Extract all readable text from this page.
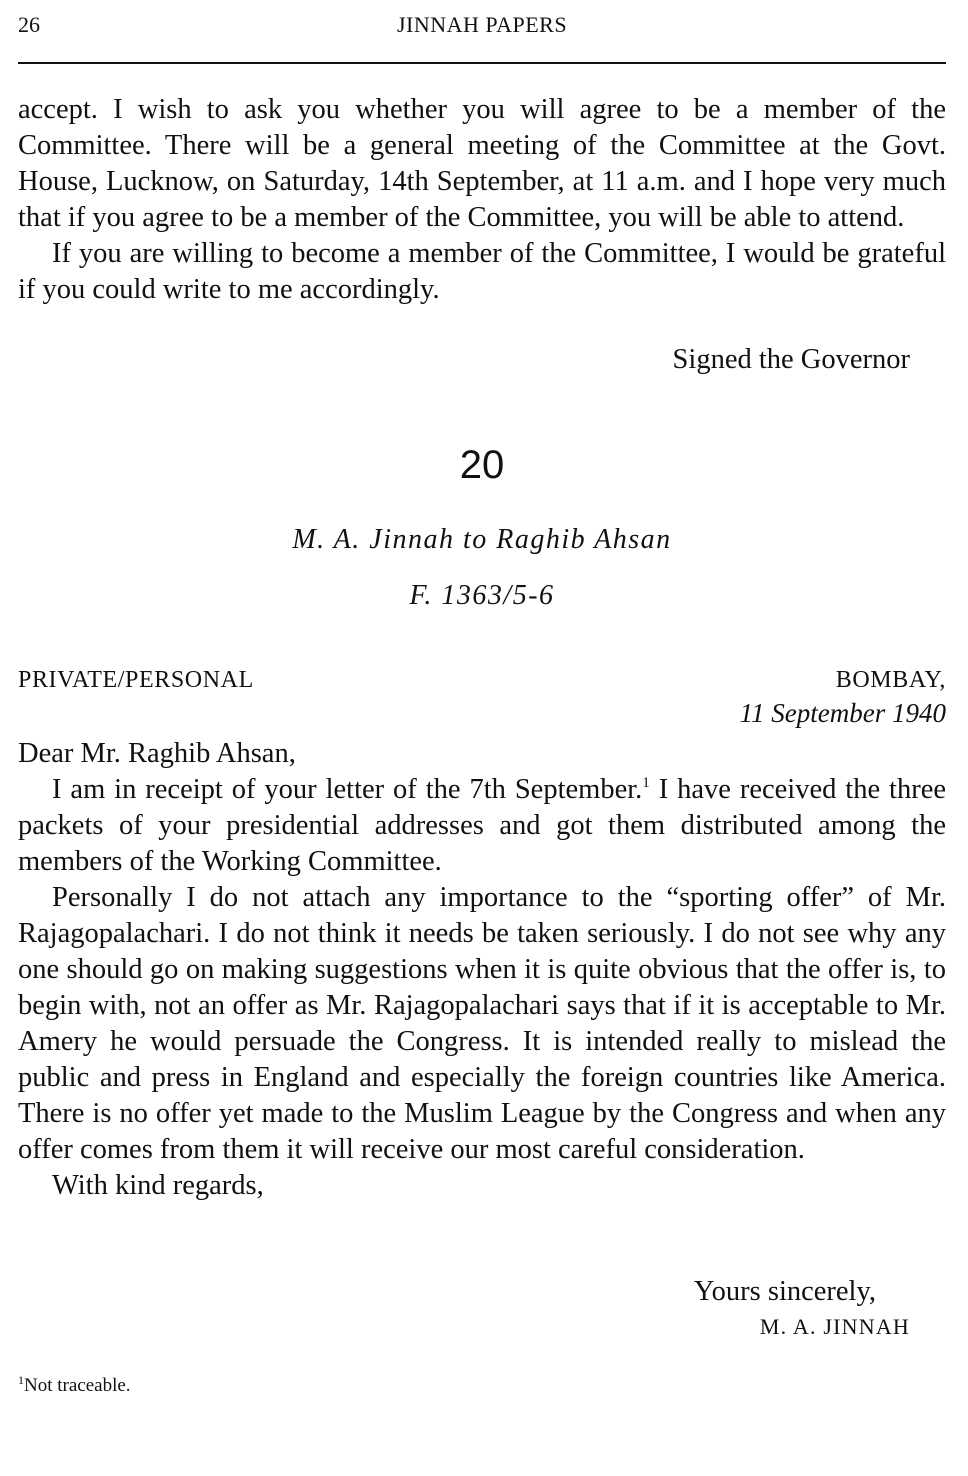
26	JINNAH PAPERS

accept. I wish to ask you whether you will agree to be a member of the Committee. There will be a general meeting of the Committee at the Govt. House, Lucknow, on Saturday, 14th September, at 11 a.m. and I hope very much that if you agree to be a member of the Committee, you will be able to attend.

If you are willing to become a member of the Committee, I would be grateful if you could write to me accordingly.

Signed the Governor
20
M. A. Jinnah to Raghib Ahsan
F. 1363/5-6
PRIVATE/PERSONAL	BOMBAY,
11 September 1940

Dear Mr. Raghib Ahsan,

I am in receipt of your letter of the 7th September.$^1$ I have received the three packets of your presidential addresses and got them distributed among the members of the Working Committee.

Personally I do not attach any importance to the “sporting offer” of Mr. Rajagopalachari. I do not think it needs be taken seriously. I do not see why any one should go on making suggestions when it is quite obvious that the offer is, to begin with, not an offer as Mr. Rajagopalachari says that if it is acceptable to Mr. Amery he would persuade the Congress. It is intended really to mislead the public and press in England and especially the foreign countries like America. There is no offer yet made to the Muslim League by the Congress and when any offer comes from them it will receive our most careful consideration.

With kind regards,

Yours sincerely,
M. A. JINNAH
$^1$Not traceable.
